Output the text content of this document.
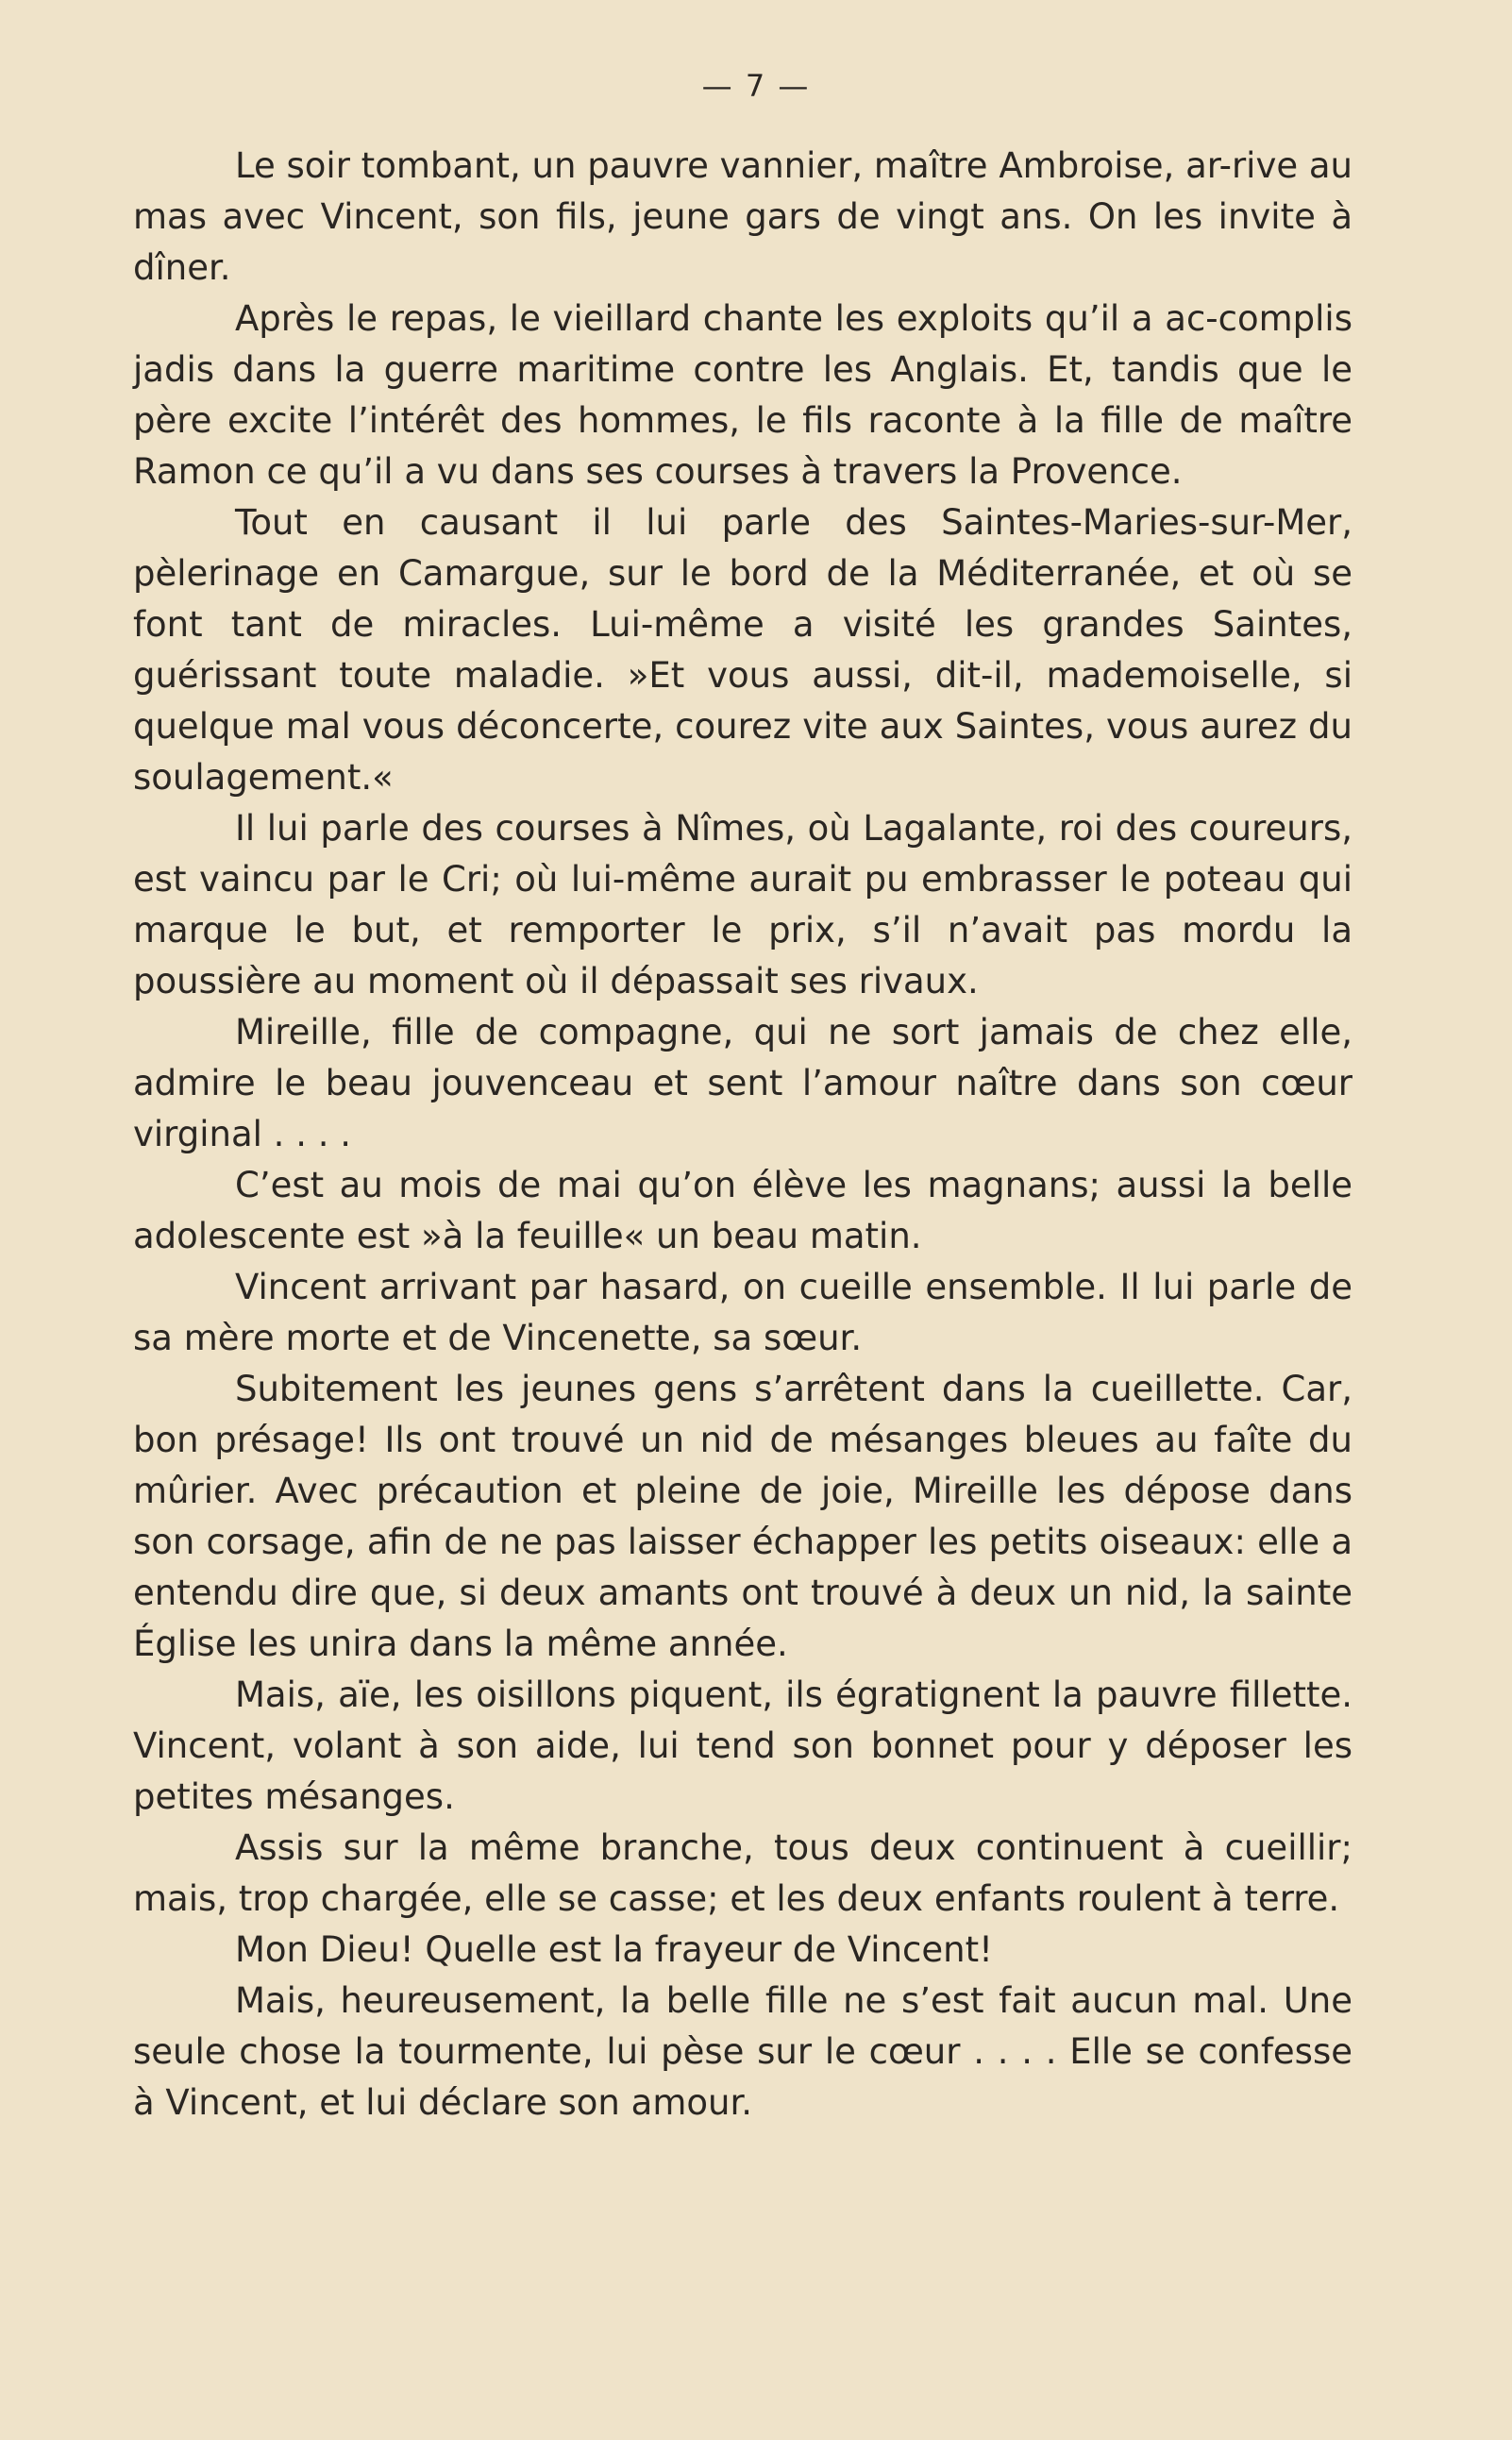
— 7 —

Le soir tombant, un pauvre vannier, maître Ambroise, ar-rive au mas avec Vincent, son fils, jeune gars de vingt ans. On les invite à dîner.

Après le repas, le vieillard chante les exploits qu’il a ac-complis jadis dans la guerre maritime contre les Anglais. Et, tandis que le père excite l’intérêt des hommes, le fils raconte à la fille de maître Ramon ce qu’il a vu dans ses courses à travers la Provence.

Tout en causant il lui parle des Saintes-Maries-sur-Mer, pèlerinage en Camargue, sur le bord de la Méditerranée, et où se font tant de miracles. Lui-même a visité les grandes Saintes, guérissant toute maladie. »Et vous aussi, dit-il, mademoiselle, si quelque mal vous déconcerte, courez vite aux Saintes, vous aurez du soulagement.«

Il lui parle des courses à Nîmes, où Lagalante, roi des coureurs, est vaincu par le Cri; où lui-même aurait pu embrasser le poteau qui marque le but, et remporter le prix, s’il n’avait pas mordu la poussière au moment où il dépassait ses rivaux.

Mireille, fille de compagne, qui ne sort jamais de chez elle, admire le beau jouvenceau et sent l’amour naître dans son cœur virginal . . . .

C’est au mois de mai qu’on élève les magnans; aussi la belle adolescente est »à la feuille« un beau matin.

Vincent arrivant par hasard, on cueille ensemble. Il lui parle de sa mère morte et de Vincenette, sa sœur.

Subitement les jeunes gens s’arrêtent dans la cueillette. Car, bon présage! Ils ont trouvé un nid de mésanges bleues au faîte du mûrier. Avec précaution et pleine de joie, Mireille les dépose dans son corsage, afin de ne pas laisser échapper les petits oiseaux: elle a entendu dire que, si deux amants ont trouvé à deux un nid, la sainte Église les unira dans la même année.

Mais, aïe, les oisillons piquent, ils égratignent la pauvre fillette. Vincent, volant à son aide, lui tend son bonnet pour y déposer les petites mésanges.

Assis sur la même branche, tous deux continuent à cueillir; mais, trop chargée, elle se casse; et les deux enfants roulent à terre.

Mon Dieu! Quelle est la frayeur de Vincent!

Mais, heureusement, la belle fille ne s’est fait aucun mal. Une seule chose la tourmente, lui pèse sur le cœur . . . . Elle se confesse à Vincent, et lui déclare son amour.
